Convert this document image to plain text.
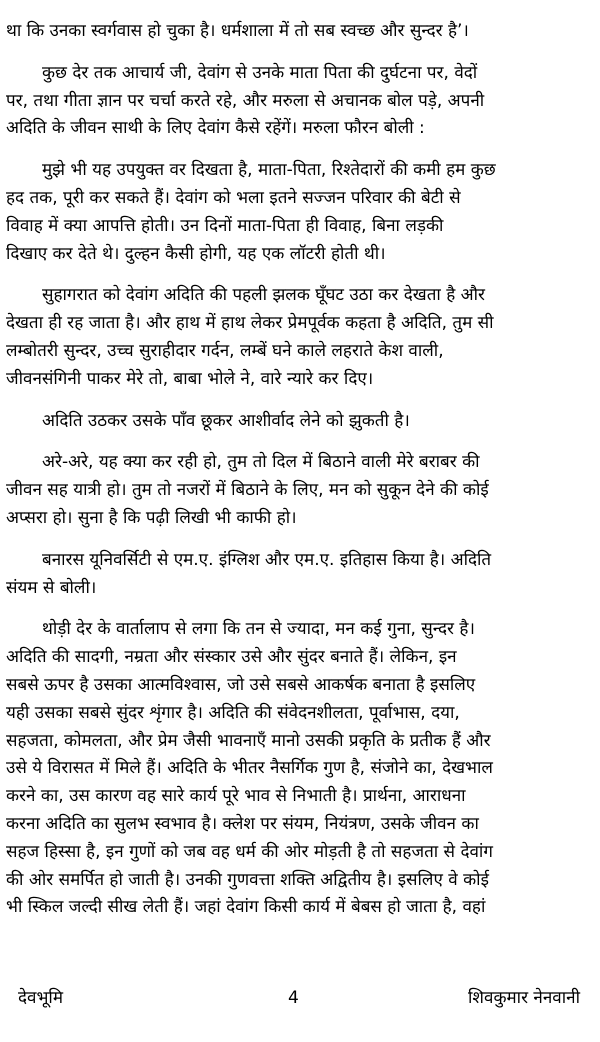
था कि उनका स्वर्गवास हो चुका है। धर्मशाला में तो सब स्वच्छ और सुन्दर है’।
कुछ देर तक आचार्य जी, देवांग से उनके माता पिता की दुर्घटना पर, वेदों
पर, तथा गीता ज्ञान पर चर्चा करते रहे, और मरुला से अचानक बोल पड़े, अपनी
अदिति के जीवन साथी के लिए देवांग कैसे रहेंगें। मरुला फौरन बोली :
मुझे भी यह उपयुक्त वर दिखता है, माता-पिता, रिश्तेदारों की कमी हम कुछ
हद तक, पूरी कर सकते हैं। देवांग को भला इतने सज्जन परिवार की बेटी से
विवाह में क्या आपत्ति होती। उन दिनों माता-पिता ही विवाह, बिना लड़की
दिखाए कर देते थे। दुल्हन कैसी होगी, यह एक लॉटरी होती थी।
सुहागरात को देवांग अदिति की पहली झलक घूँघट उठा कर देखता है और
देखता ही रह जाता है। और हाथ में हाथ लेकर प्रेमपूर्वक कहता है अदिति, तुम सी
लम्बोतरी सुन्दर, उच्च सुराहीदार गर्दन, लम्बें घने काले लहराते केश वाली,
जीवनसंगिनी पाकर मेरे तो, बाबा भोले ने, वारे न्यारे कर दिए।
अदिति उठकर उसके पाँव छूकर आशीर्वाद लेने को झुकती है।
अरे-अरे, यह क्या कर रही हो, तुम तो दिल में बिठाने वाली मेरे बराबर की
जीवन सह यात्री हो। तुम तो नजरों में बिठाने के लिए, मन को सुकून देने की कोई
अप्सरा हो। सुना है कि पढ़ी लिखी भी काफी हो।
बनारस यूनिवर्सिटी से एम.ए. इंग्लिश और एम.ए. इतिहास किया है। अदिति
संयम से बोली।
थोड़ी देर के वार्तालाप से लगा कि तन से ज्यादा, मन कई गुना, सुन्दर है।
अदिति की सादगी, नम्रता और संस्कार उसे और सुंदर बनाते हैं। लेकिन, इन
सबसे ऊपर है उसका आत्मविश्वास, जो उसे सबसे आकर्षक बनाता है इसलिए
यही उसका सबसे सुंदर शृंगार है। अदिति की संवेदनशीलता, पूर्वाभास, दया,
सहजता, कोमलता, और प्रेम जैसी भावनाएँ मानो उसकी प्रकृति के प्रतीक हैं और
उसे ये विरासत में मिले हैं। अदिति के भीतर नैसर्गिक गुण है, संजोने का, देखभाल
करने का, उस कारण वह सारे कार्य पूरे भाव से निभाती है। प्रार्थना, आराधना
करना अदिति का सुलभ स्वभाव है। क्लेश पर संयम, नियंत्रण, उसके जीवन का
सहज हिस्सा है, इन गुणों को जब वह धर्म की ओर मोड़ती है तो सहजता से देवांग
की ओर समर्पित हो जाती है। उनकी गुणवत्ता शक्ति अद्वितीय है। इसलिए वे कोई
भी स्किल जल्दी सीख लेती हैं। जहां देवांग किसी कार्य में बेबस हो जाता है, वहां
देवभूमि	4	शिवकुमार नेनवानी
